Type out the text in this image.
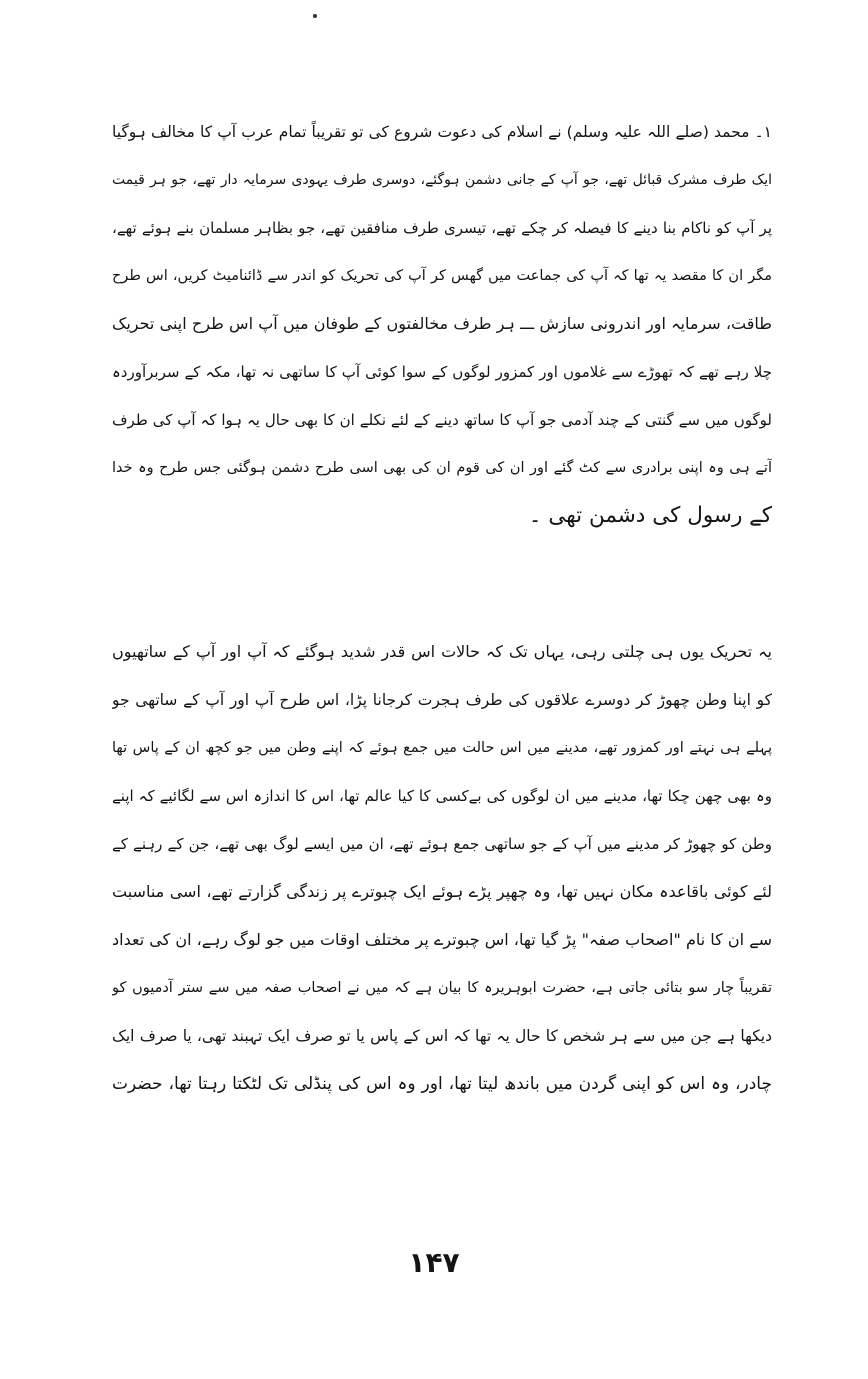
۱۔ محمد (صلے اللہ علیہ وسلم) نے اسلام کی دعوت شروع کی تو تقریباً تمام عرب آپ کا مخالف ہوگیا
ایک طرف مشرک قبائل تھے، جو آپ کے جانی دشمن ہوگئے، دوسری طرف یہودی سرمایہ دار تھے، جو ہر قیمت
پر آپ کو ناکام بنا دینے کا فیصلہ کر چکے تھے، تیسری طرف منافقین تھے، جو بظاہر مسلمان بنے ہوئے تھے،
مگر ان کا مقصد یہ تھا کہ آپ کی جماعت میں گھس کر آپ کی تحریک کو اندر سے ڈائنامیٹ کریں، اس طرح
طاقت، سرمایہ اور اندرونی سازش ـــ ہر طرف مخالفتوں کے طوفان میں آپ اس طرح اپنی تحریک
چلا رہے تھے کہ تھوڑے سے غلاموں اور کمزور لوگوں کے سوا کوئی آپ کا ساتھی نہ تھا، مکہ کے سربرآوردہ
لوگوں میں سے گنتی کے چند آدمی جو آپ کا ساتھ دینے کے لئے نکلے ان کا بھی حال یہ ہوا کہ آپ کی طرف
آتے ہی وہ اپنی برادری سے کٹ گئے اور ان کی قوم ان کی بھی اسی طرح دشمن ہوگئی جس طرح وہ خدا
کے رسول کی دشمن تھی ۔
یہ تحریک یوں ہی چلتی رہی، یہاں تک کہ حالات اس قدر شدید ہوگئے کہ آپ اور آپ کے ساتھیوں
کو اپنا وطن چھوڑ کر دوسرے علاقوں کی طرف ہجرت کرجانا پڑا، اس طرح آپ اور آپ کے ساتھی جو
پہلے ہی نہتے اور کمزور تھے، مدینے میں اس حالت میں جمع ہوئے کہ اپنے وطن میں جو کچھ ان کے پاس تھا
وہ بھی چھن چکا تھا، مدینے میں ان لوگوں کی بےکسی کا کیا عالم تھا، اس کا اندازہ اس سے لگائیے کہ اپنے
وطن کو چھوڑ کر مدینے میں آپ کے جو ساتھی جمع ہوئے تھے، ان میں ایسے لوگ بھی تھے، جن کے رہنے کے
لئے کوئی باقاعدہ مکان نہیں تھا، وہ چھپر پڑے ہوئے ایک چبوترے پر زندگی گزارتے تھے، اسی مناسبت
سے ان کا نام "اصحاب صفہ" پڑ گیا تھا، اس چبوترے پر مختلف اوقات میں جو لوگ رہے، ان کی تعداد
تقریباً چار سو بتائی جاتی ہے، حضرت ابوہریرہ کا بیان ہے کہ میں نے اصحاب صفہ میں سے ستر آدمیوں کو
دیکھا ہے جن میں سے ہر شخص کا حال یہ تھا کہ اس کے پاس یا تو صرف ایک تہبند تھی، یا صرف ایک
چادر، وہ اس کو اپنی گردن میں باندھ لیتا تھا، اور وہ اس کی پنڈلی تک لٹکتا رہتا تھا، حضرت
۱۴۷
